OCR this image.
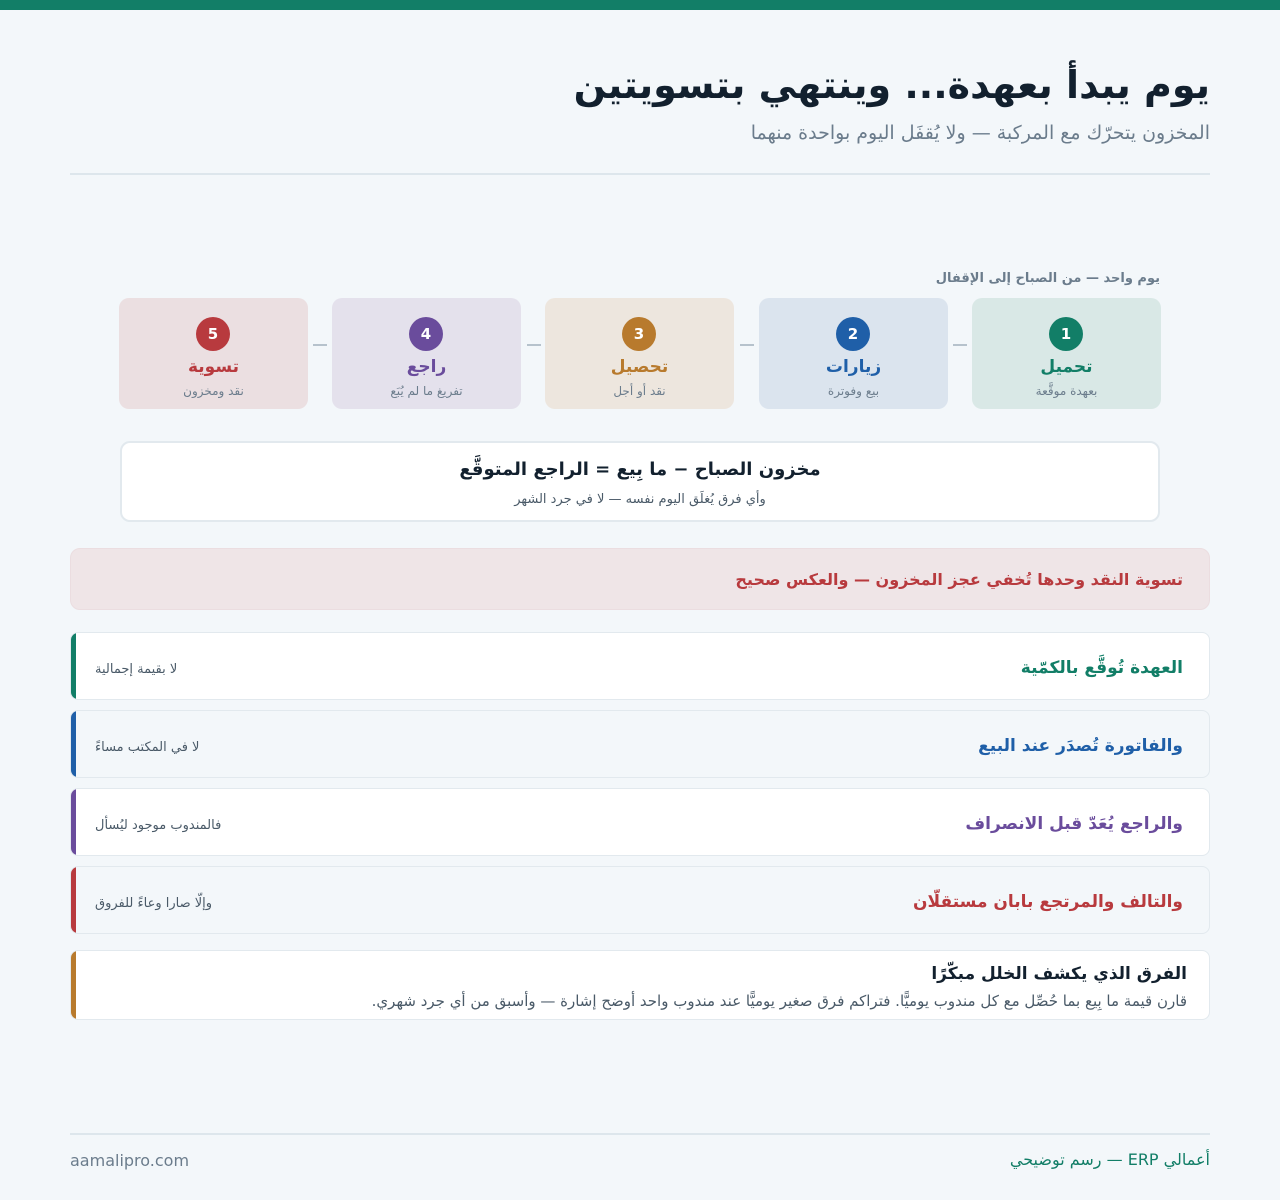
يوم يبدأ بعهدة... وينتهي بتسويتين
المخزون يتحرّك مع المركبة — ولا يُقفَل اليوم بواحدة منهما
يوم واحد — من الصباح إلى الإقفال
1
تحميل
بعهدة موقَّعة
2
زيارات
بيع وفوترة
3
تحصيل
نقد أو أجل
4
راجع
تفريغ ما لم يُبَع
5
تسوية
نقد ومخزون
مخزون الصباح − ما بِيع = الراجع المتوقَّع
وأي فرق يُغلَق اليوم نفسه — لا في جرد الشهر
تسوية النقد وحدها تُخفي عجز المخزون — والعكس صحيح
العهدة تُوقَّع بالكمّية
لا بقيمة إجمالية
والفاتورة تُصدَر عند البيع
لا في المكتب مساءً
والراجع يُعَدّ قبل الانصراف
فالمندوب موجود ليُسأل
والتالف والمرتجع بابان مستقلّان
وإلّا صارا وعاءً للفروق
الفرق الذي يكشف الخلل مبكّرًا
قارن قيمة ما بِيع بما حُصِّل مع كل مندوب يوميًّا. فتراكم فرق صغير يوميًّا عند مندوب واحد أوضح إشارة — وأسبق من أي جرد شهري.
أعمالي ERP — رسم توضيحي
aamalipro.com
